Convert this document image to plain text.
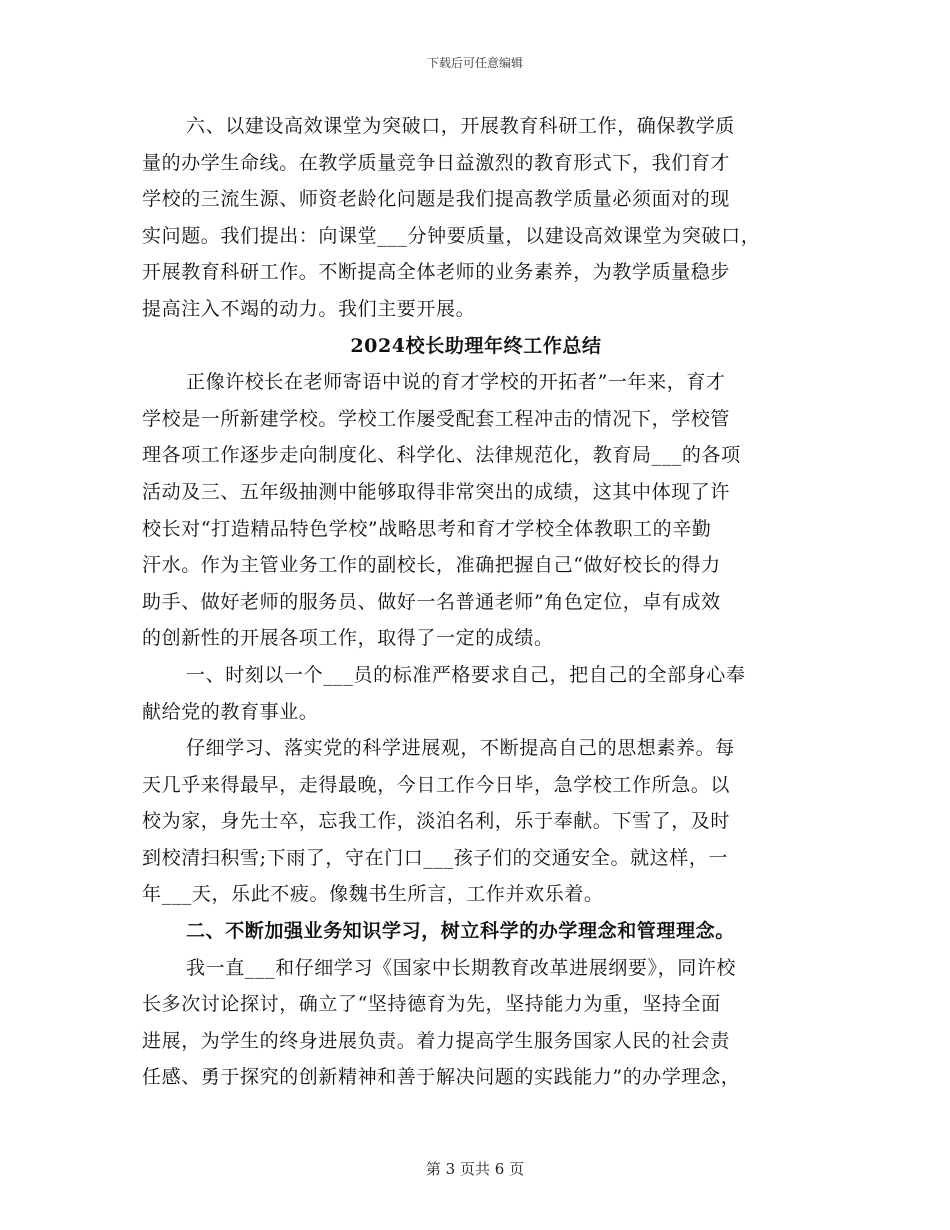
下载后可任意编辑
六、以建设高效课堂为突破口，开展教育科研工作，确保教学质
量的办学生命线。在教学质量竞争日益激烈的教育形式下，我们育才
学校的三流生源、师资老龄化问题是我们提高教学质量必须面对的现
实问题。我们提出：向课堂___分钟要质量，以建设高效课堂为突破口，
开展教育科研工作。不断提高全体老师的业务素养，为教学质量稳步
提高注入不竭的动力。我们主要开展。
2024校长助理年终工作总结
正像许校长在老师寄语中说的育才学校的开拓者”一年来，育才
学校是一所新建学校。学校工作屡受配套工程冲击的情况下，学校管
理各项工作逐步走向制度化、科学化、法律规范化，教育局___的各项
活动及三、五年级抽测中能够取得非常突出的成绩，这其中体现了许
校长对“打造精品特色学校”战略思考和育才学校全体教职工的辛勤
汗水。作为主管业务工作的副校长，准确把握自己“做好校长的得力
助手、做好老师的服务员、做好一名普通老师”角色定位，卓有成效
的创新性的开展各项工作，取得了一定的成绩。
一、时刻以一个___员的标准严格要求自己，把自己的全部身心奉
献给党的教育事业。
仔细学习、落实党的科学进展观，不断提高自己的思想素养。每
天几乎来得最早，走得最晚，今日工作今日毕，急学校工作所急。以
校为家，身先士卒，忘我工作，淡泊名利，乐于奉献。下雪了，及时
到校清扫积雪;下雨了，守在门口___孩子们的交通安全。就这样，一
年___天，乐此不疲。像魏书生所言，工作并欢乐着。
二、不断加强业务知识学习，树立科学的办学理念和管理理念。
我一直___和仔细学习《国家中长期教育改革进展纲要》，同许校
长多次讨论探讨，确立了“坚持德育为先，坚持能力为重，坚持全面
进展，为学生的终身进展负责。着力提高学生服务国家人民的社会责
任感、勇于探究的创新精神和善于解决问题的实践能力”的办学理念，
第 3 页共 6 页
